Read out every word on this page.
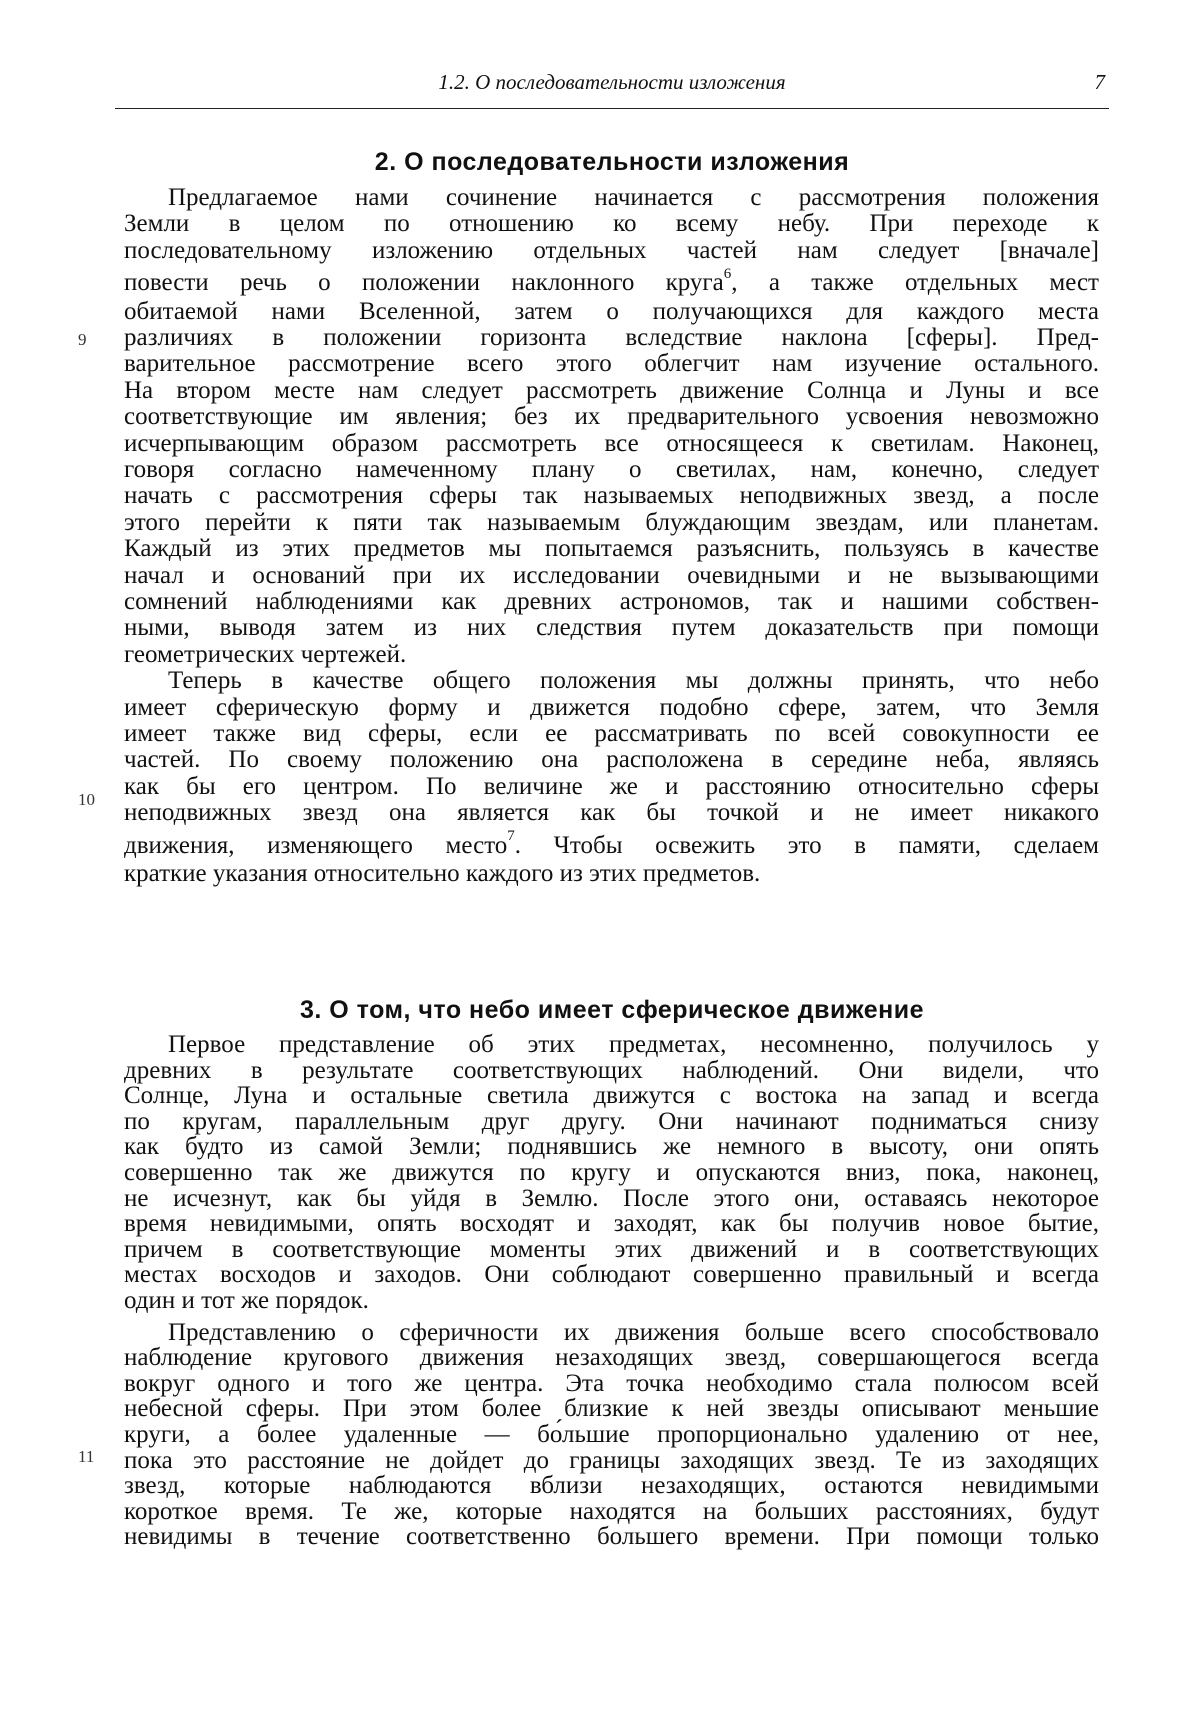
1.2. О последовательности изложения	7
2. О последовательности изложения
Предлагаемое нами сочинение начинается с рассмотрения положения
Земли в целом по отношению ко всему небу. При переходе к
последовательному изложению отдельных частей нам следует [вначале]
повести речь о положении наклонного круга$^6$, а также отдельных мест
обитаемой нами Вселенной, затем о получающихся для каждого места
различиях в положении горизонта вследствие наклона [сферы]. Пред-
варительное рассмотрение всего этого облегчит нам изучение остального.
На втором месте нам следует рассмотреть движение Солнца и Луны и все
соответствующие им явления; без их предварительного усвоения невозможно
исчерпывающим образом рассмотреть все относящееся к светилам. Наконец,
говоря согласно намеченному плану о светилах, нам, конечно, следует
начать с рассмотрения сферы так называемых неподвижных звезд, а после
этого перейти к пяти так называемым блуждающим звездам, или планетам.
Каждый из этих предметов мы попытаемся разъяснить, пользуясь в качестве
начал и оснований при их исследовании очевидными и не вызывающими
сомнений наблюдениями как древних астрономов, так и нашими собствен-
ными, выводя затем из них следствия путем доказательств при помощи
геометрических чертежей.
Теперь в качестве общего положения мы должны принять, что небо
имеет сферическую форму и движется подобно сфере, затем, что Земля
имеет также вид сферы, если ее рассматривать по всей совокупности ее
частей. По своему положению она расположена в середине неба, являясь
как бы его центром. По величине же и расстоянию относительно сферы
неподвижных звезд она является как бы точкой и не имеет никакого
движения, изменяющего место$^7$. Чтобы освежить это в памяти, сделаем
краткие указания относительно каждого из этих предметов.
3. О том, что небо имеет сферическое движение
Первое представление об этих предметах, несомненно, получилось у
древних в результате соответствующих наблюдений. Они видели, что
Солнце, Луна и остальные светила движутся с востока на запад и всегда
по кругам, параллельным друг другу. Они начинают подниматься снизу
как будто из самой Земли; поднявшись же немного в высоту, они опять
совершенно так же движутся по кругу и опускаются вниз, пока, наконец,
не исчезнут, как бы уйдя в Землю. После этого они, оставаясь некоторое
время невидимыми, опять восходят и заходят, как бы получив новое бытие,
причем в соответствующие моменты этих движений и в соответствующих
местах восходов и заходов. Они соблюдают совершенно правильный и всегда
один и тот же порядок.
Представлению о сферичности их движения больше всего способствовало
наблюдение кругового движения незаходящих звезд, совершающегося всегда
вокруг одного и того же центра. Эта точка необходимо стала полюсом всей
небесной сферы. При этом более близкие к ней звезды описывают меньшие
круги, а более удаленные — бо́льшие пропорционально удалению от нее,
пока это расстояние не дойдет до границы заходящих звезд. Те из заходящих
звезд, которые наблюдаются вблизи незаходящих, остаются невидимыми
короткое время. Те же, которые находятся на больших расстояниях, будут
невидимы в течение соответственно большего времени. При помощи только
9
10
11
